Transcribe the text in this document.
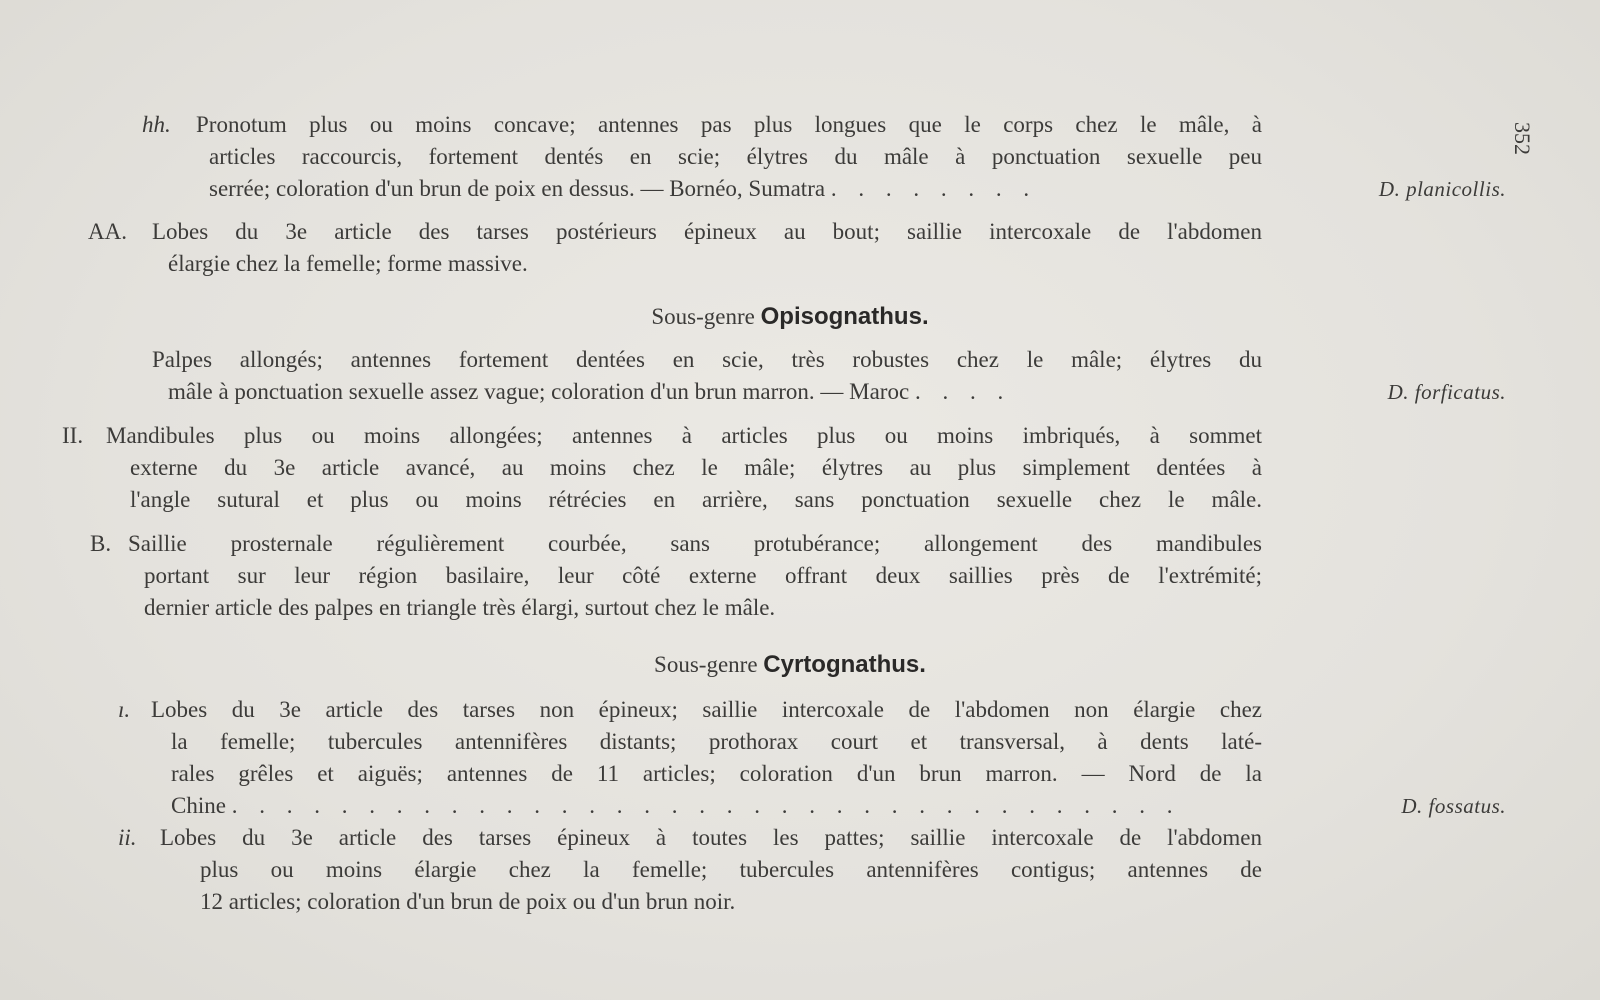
352
hh. Pronotum plus ou moins concave; antennes pas plus longues que le corps chez le mâle, à
articles raccourcis, fortement dentés en scie; élytres du mâle à ponctuation sexuelle peu
serrée; coloration d'un brun de poix en dessus. — Bornéo, Sumatra . . . . . . . .	D. planicollis.
AA. Lobes du 3e article des tarses postérieurs épineux au bout; saillie intercoxale de l'abdomen
élargie chez la femelle; forme massive.
Sous-genre Opisognathus.
Palpes allongés; antennes fortement dentées en scie, très robustes chez le mâle; élytres du
mâle à ponctuation sexuelle assez vague; coloration d'un brun marron. — Maroc . . . .	D. forficatus.
II. Mandibules plus ou moins allongées; antennes à articles plus ou moins imbriqués, à sommet
externe du 3e article avancé, au moins chez le mâle; élytres au plus simplement dentées à
l'angle sutural et plus ou moins rétrécies en arrière, sans ponctuation sexuelle chez le mâle.
B. Saillie prosternale régulièrement courbée, sans protubérance; allongement des mandibules
portant sur leur région basilaire, leur côté externe offrant deux saillies près de l'extrémité;
dernier article des palpes en triangle très élargi, surtout chez le mâle.
Sous-genre Cyrtognathus.
ı. Lobes du 3e article des tarses non épineux; saillie intercoxale de l'abdomen non élargie chez
la femelle; tubercules antennifères distants; prothorax court et transversal, à dents laté-
rales grêles et aiguës; antennes de 11 articles; coloration d'un brun marron. — Nord de la
Chine . . . . . . . . . . . . . . . . . . . . . . . . . . . . . . . . . . .	D. fossatus.
ii. Lobes du 3e article des tarses épineux à toutes les pattes; saillie intercoxale de l'abdomen
plus ou moins élargie chez la femelle; tubercules antennifères contigus; antennes de
12 articles; coloration d'un brun de poix ou d'un brun noir.
